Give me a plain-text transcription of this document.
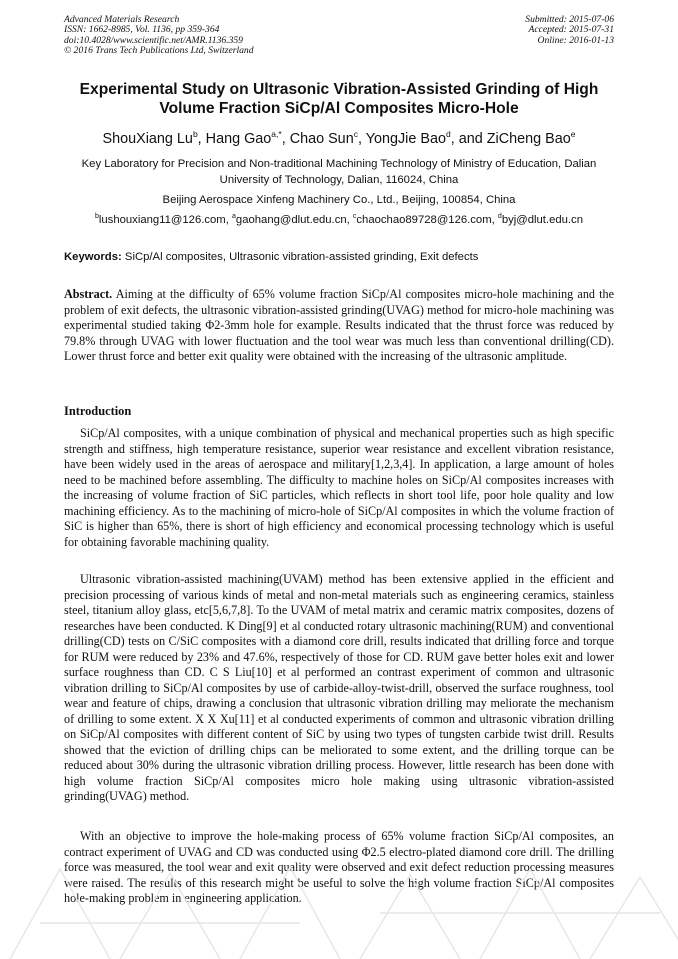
Advanced Materials Research
ISSN: 1662-8985, Vol. 1136, pp 359-364
doi:10.4028/www.scientific.net/AMR.1136.359
© 2016 Trans Tech Publications Ltd, Switzerland
Submitted: 2015-07-06
Accepted: 2015-07-31
Online: 2016-01-13
Experimental Study on Ultrasonic Vibration-Assisted Grinding of High Volume Fraction SiCp/Al Composites Micro-Hole
ShouXiang Lu$^b$, Hang Gao$^{a,*}$, Chao Sun$^c$, YongJie Bao$^d$, and ZiCheng Bao$^e$
Key Laboratory for Precision and Non-traditional Machining Technology of Ministry of Education, Dalian University of Technology, Dalian, 116024, China
Beijing Aerospace Xinfeng Machinery Co., Ltd., Beijing, 100854, China
$^b$lushouxiang11@126.com, $^a$gaohang@dlut.edu.cn, $^c$chaochao89728@126.com, $^d$byj@dlut.edu.cn
Keywords: SiCp/Al composites, Ultrasonic vibration-assisted grinding, Exit defects
Abstract. Aiming at the difficulty of 65% volume fraction SiCp/Al composites micro-hole machining and the problem of exit defects, the ultrasonic vibration-assisted grinding(UVAG) method for micro-hole machining was experimental studied taking Φ2-3mm hole for example. Results indicated that the thrust force was reduced by 79.8% through UVAG with lower fluctuation and the tool wear was much less than conventional drilling(CD). Lower thrust force and better exit quality were obtained with the increasing of the ultrasonic amplitude.
Introduction
SiCp/Al composites, with a unique combination of physical and mechanical properties such as high specific strength and stiffness, high temperature resistance, superior wear resistance and excellent vibration resistance, have been widely used in the areas of aerospace and military[1,2,3,4]. In application, a large amount of holes need to be machined before assembling. The difficulty to machine holes on SiCp/Al composites increases with the increasing of volume fraction of SiC particles, which reflects in short tool life, poor hole quality and low machining efficiency. As to the machining of micro-hole of SiCp/Al composites in which the volume fraction of SiC is higher than 65%, there is short of high efficiency and economical processing technology which is useful for obtaining favorable machining quality.
Ultrasonic vibration-assisted machining(UVAM) method has been extensive applied in the efficient and precision processing of various kinds of metal and non-metal materials such as engineering ceramics, stainless steel, titanium alloy glass, etc[5,6,7,8]. To the UVAM of metal matrix and ceramic matrix composites, dozens of researches have been conducted. K Ding[9] et al conducted rotary ultrasonic machining(RUM) and conventional drilling(CD) tests on C/SiC composites with a diamond core drill, results indicated that drilling force and torque for RUM were reduced by 23% and 47.6%, respectively of those for CD. RUM gave better holes exit and lower surface roughness than CD. C S Liu[10] et al performed an contrast experiment of common and ultrasonic vibration drilling to SiCp/Al composites by use of carbide-alloy-twist-drill, observed the surface roughness, tool wear and feature of chips, drawing a conclusion that ultrasonic vibration drilling may meliorate the mechanism of drilling to some extent. X X Xu[11] et al conducted experiments of common and ultrasonic vibration drilling on SiCp/Al composites with different content of SiC by using two types of tungsten carbide twist drill. Results showed that the eviction of drilling chips can be meliorated to some extent, and the drilling torque can be reduced about 30% during the ultrasonic vibration drilling process. However, little research has been done with high volume fraction SiCp/Al composites micro hole making using ultrasonic vibration-assisted grinding(UVAG) method.
With an objective to improve the hole-making process of 65% volume fraction SiCp/Al composites, an contract experiment of UVAG and CD was conducted using Φ2.5 electro-plated diamond core drill. The drilling force was measured, the tool wear and exit quality were observed and exit defect reduction processing measures were raised. The results of this research might be useful to solve the high volume fraction SiCp/Al composites hole-making problem in engineering application.
